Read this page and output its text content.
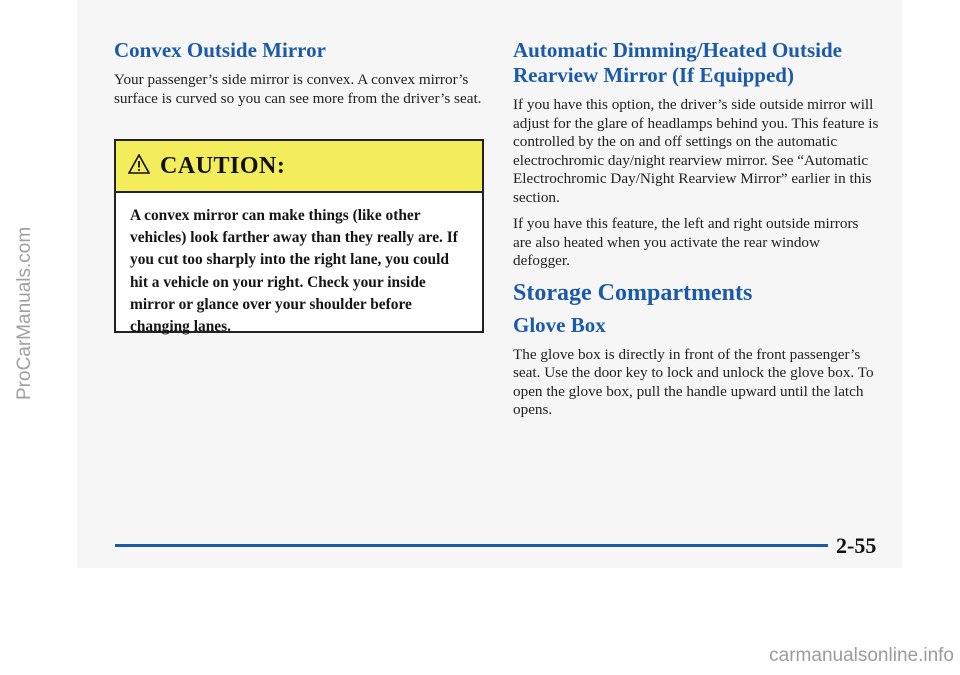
Convex Outside Mirror

Your passenger’s side mirror is convex. A convex mirror’s surface is curved so you can see more from the driver’s seat.

CAUTION:
A convex mirror can make things (like other vehicles) look farther away than they really are. If you cut too sharply into the right lane, you could hit a vehicle on your right. Check your inside mirror or glance over your shoulder before changing lanes.
Automatic Dimming/Heated Outside Rearview Mirror (If Equipped)

If you have this option, the driver’s side outside mirror will adjust for the glare of headlamps behind you. This feature is controlled by the on and off settings on the automatic electrochromic day/night rearview mirror. See “Automatic Electrochromic Day/Night Rearview Mirror” earlier in this section.

If you have this feature, the left and right outside mirrors are also heated when you activate the rear window defogger.

Storage Compartments
Glove Box

The glove box is directly in front of the front passenger’s seat. Use the door key to lock and unlock the glove box. To open the glove box, pull the handle upward until the latch opens.

2-55
ProCarManuals.com
carmanualsonline.info
